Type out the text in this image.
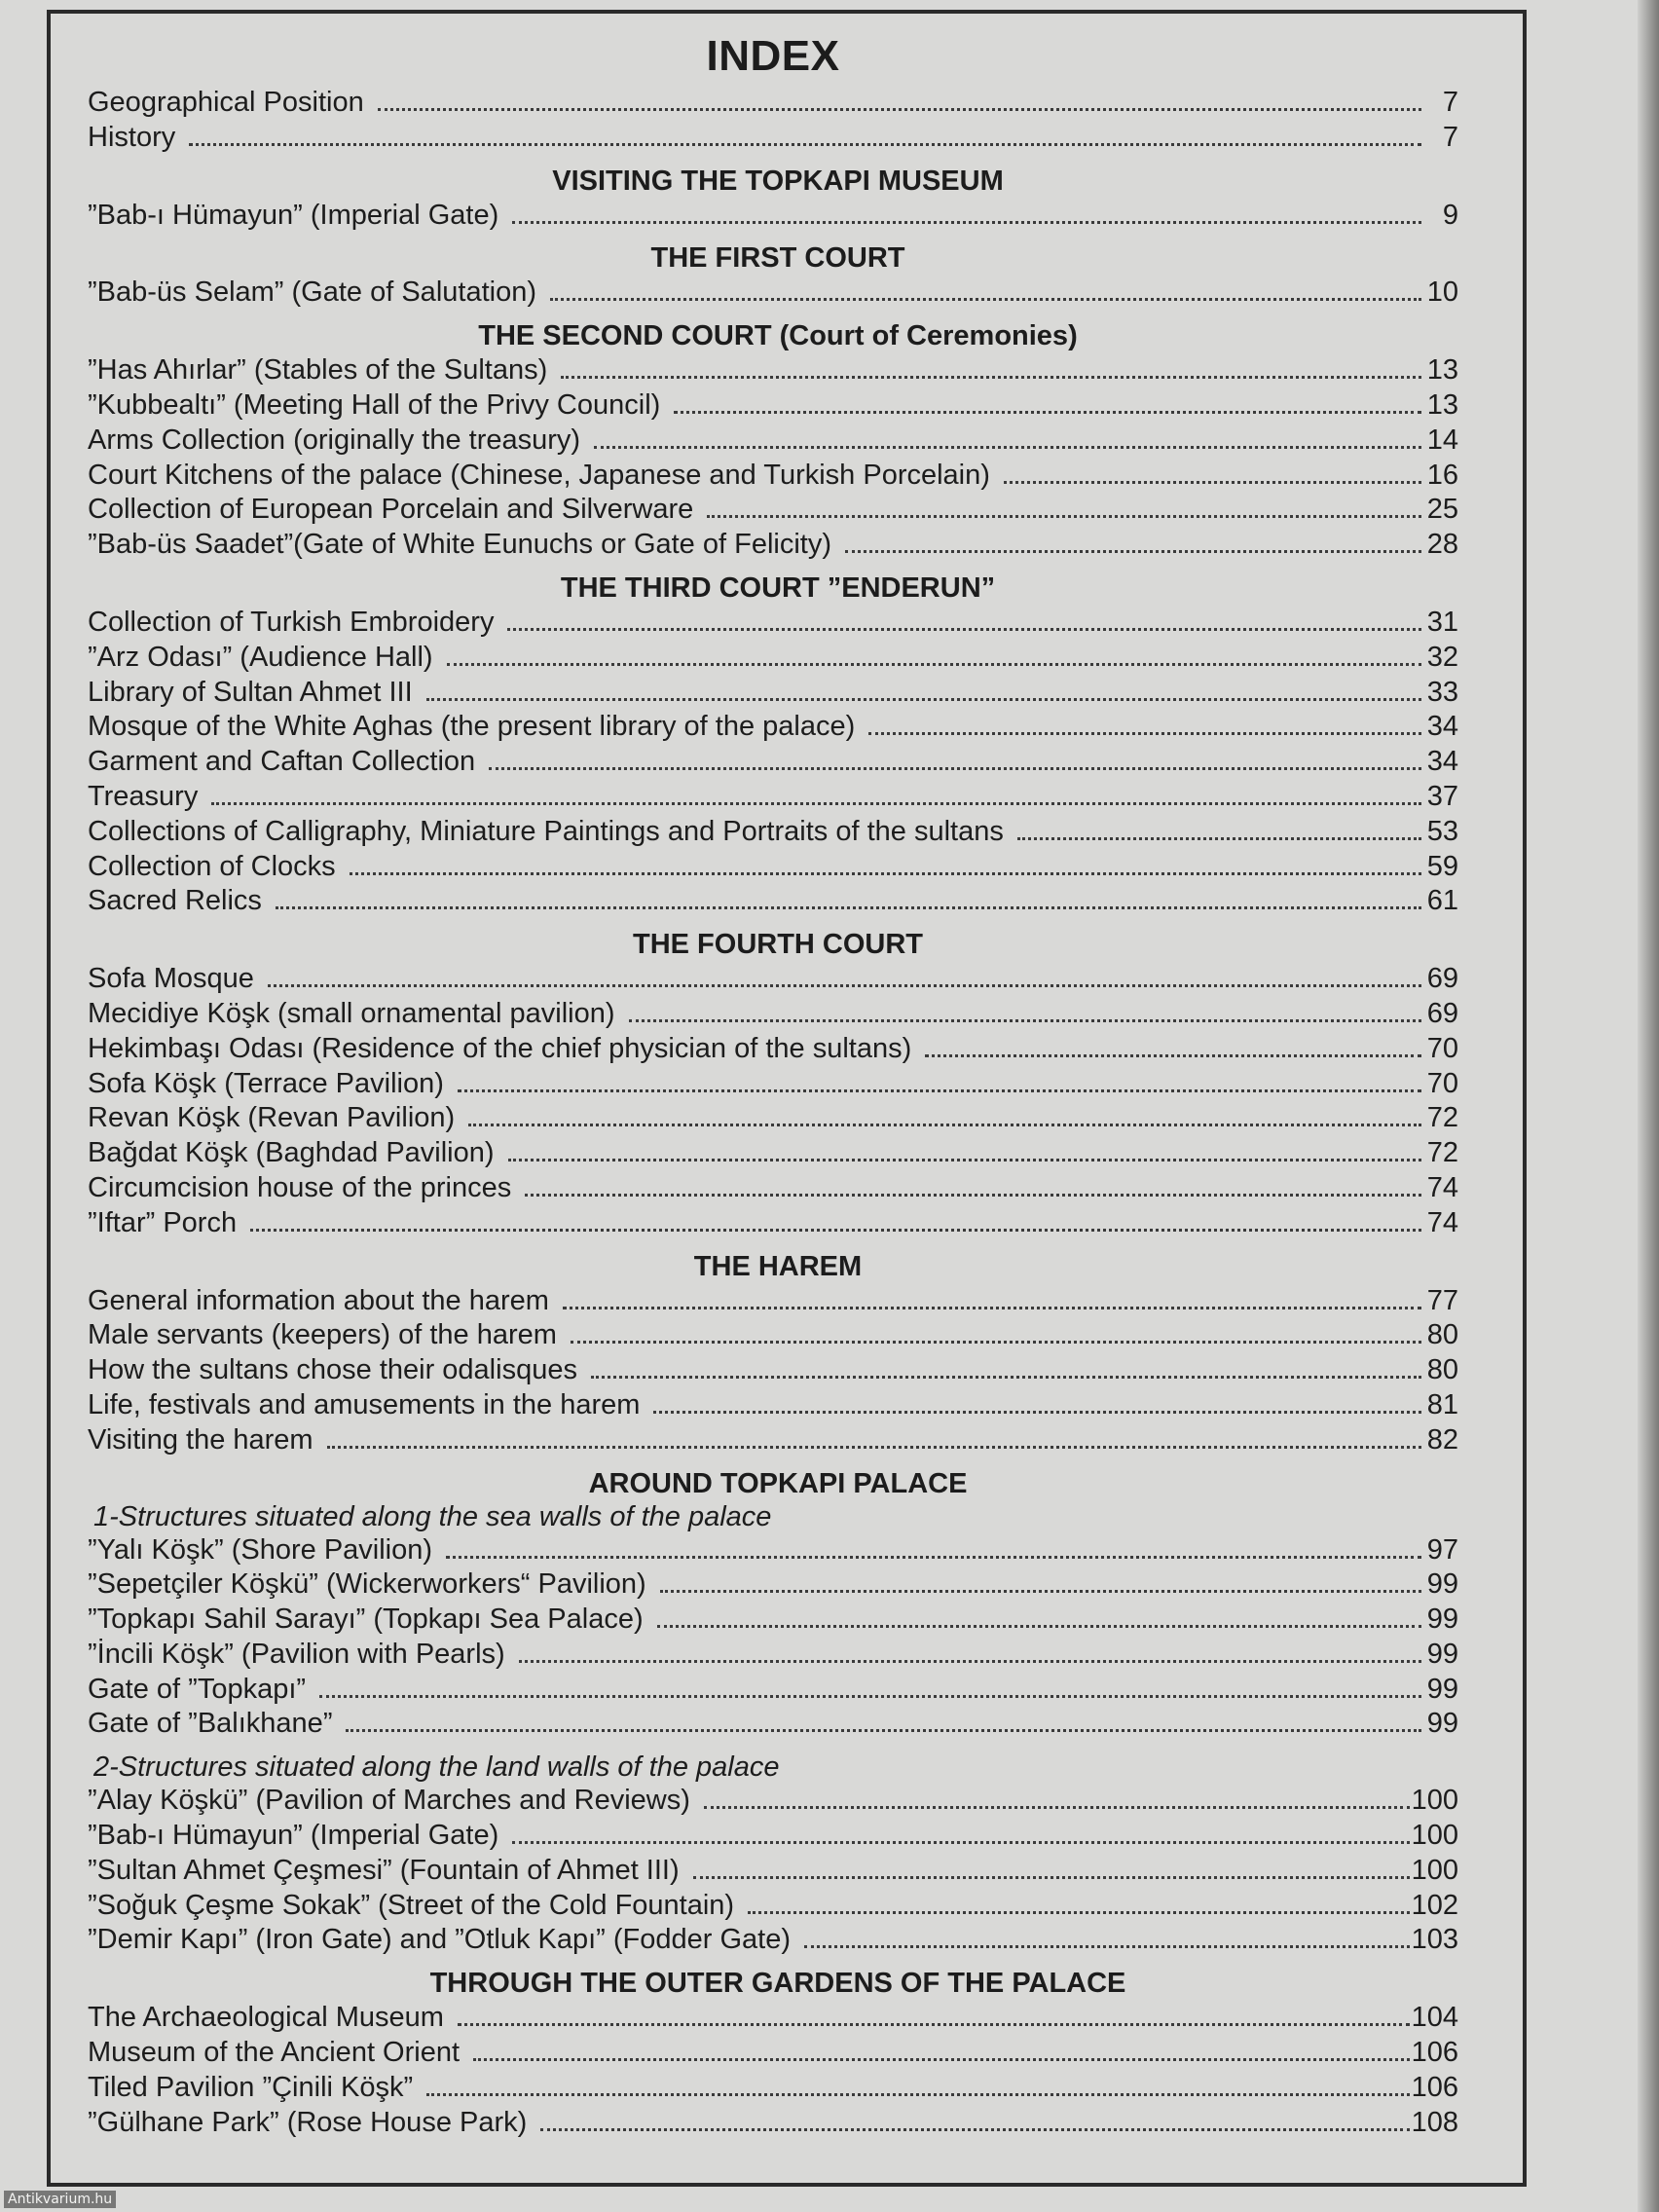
INDEX
Geographical Position	7
History	7
VISITING THE TOPKAPI MUSEUM
”Bab-ı Hümayun” (Imperial Gate)	9
THE FIRST COURT
”Bab-üs Selam” (Gate of Salutation)	10
THE SECOND COURT (Court of Ceremonies)
”Has Ahırlar” (Stables of the Sultans)	13
”Kubbealtı” (Meeting Hall of the Privy Council)	13
Arms Collection (originally the treasury)	14
Court Kitchens of the palace (Chinese, Japanese and Turkish Porcelain)	16
Collection of European Porcelain and Silverware	25
”Bab-üs Saadet”(Gate of White Eunuchs or Gate of Felicity)	28
THE THIRD COURT ”ENDERUN”
Collection of Turkish Embroidery	31
”Arz Odası” (Audience Hall)	32
Library of Sultan Ahmet III	33
Mosque of the White Aghas (the present library of the palace)	34
Garment and Caftan Collection	34
Treasury	37
Collections of Calligraphy, Miniature Paintings and Portraits of the sultans	53
Collection of Clocks	59
Sacred Relics	61
THE FOURTH COURT
Sofa Mosque	69
Mecidiye Köşk (small ornamental pavilion)	69
Hekimbaşı Odası (Residence of the chief physician of the sultans)	70
Sofa Köşk (Terrace Pavilion)	70
Revan Köşk (Revan Pavilion)	72
Bağdat Köşk (Baghdad Pavilion)	72
Circumcision house of the princes	74
”Iftar” Porch	74
THE HAREM
General information about the harem	77
Male servants (keepers) of the harem	80
How the sultans chose their odalisques	80
Life, festivals and amusements in the harem	81
Visiting the harem	82
AROUND TOPKAPI PALACE
1-Structures situated along the sea walls of the palace
”Yalı Köşk” (Shore Pavilion)	97
”Sepetçiler Köşkü” (Wickerworkers“ Pavilion)	99
”Topkapı Sahil Sarayı” (Topkapı Sea Palace)	99
”İncili Köşk” (Pavilion with Pearls)	99
Gate of ”Topkapı”	99
Gate of ”Balıkhane”	99
2-Structures situated along the land walls of the palace
”Alay Köşkü” (Pavilion of Marches and Reviews)	100
”Bab-ı Hümayun” (Imperial Gate)	100
”Sultan Ahmet Çeşmesi” (Fountain of Ahmet III)	100
”Soğuk Çeşme Sokak” (Street of the Cold Fountain)	102
”Demir Kapı” (Iron Gate) and ”Otluk Kapı” (Fodder Gate)	103
THROUGH THE OUTER GARDENS OF THE PALACE
The Archaeological Museum	104
Museum of the Ancient Orient	106
Tiled Pavilion ”Çinili Köşk”	106
”Gülhane Park” (Rose House Park)	108
Antikvarium.hu
